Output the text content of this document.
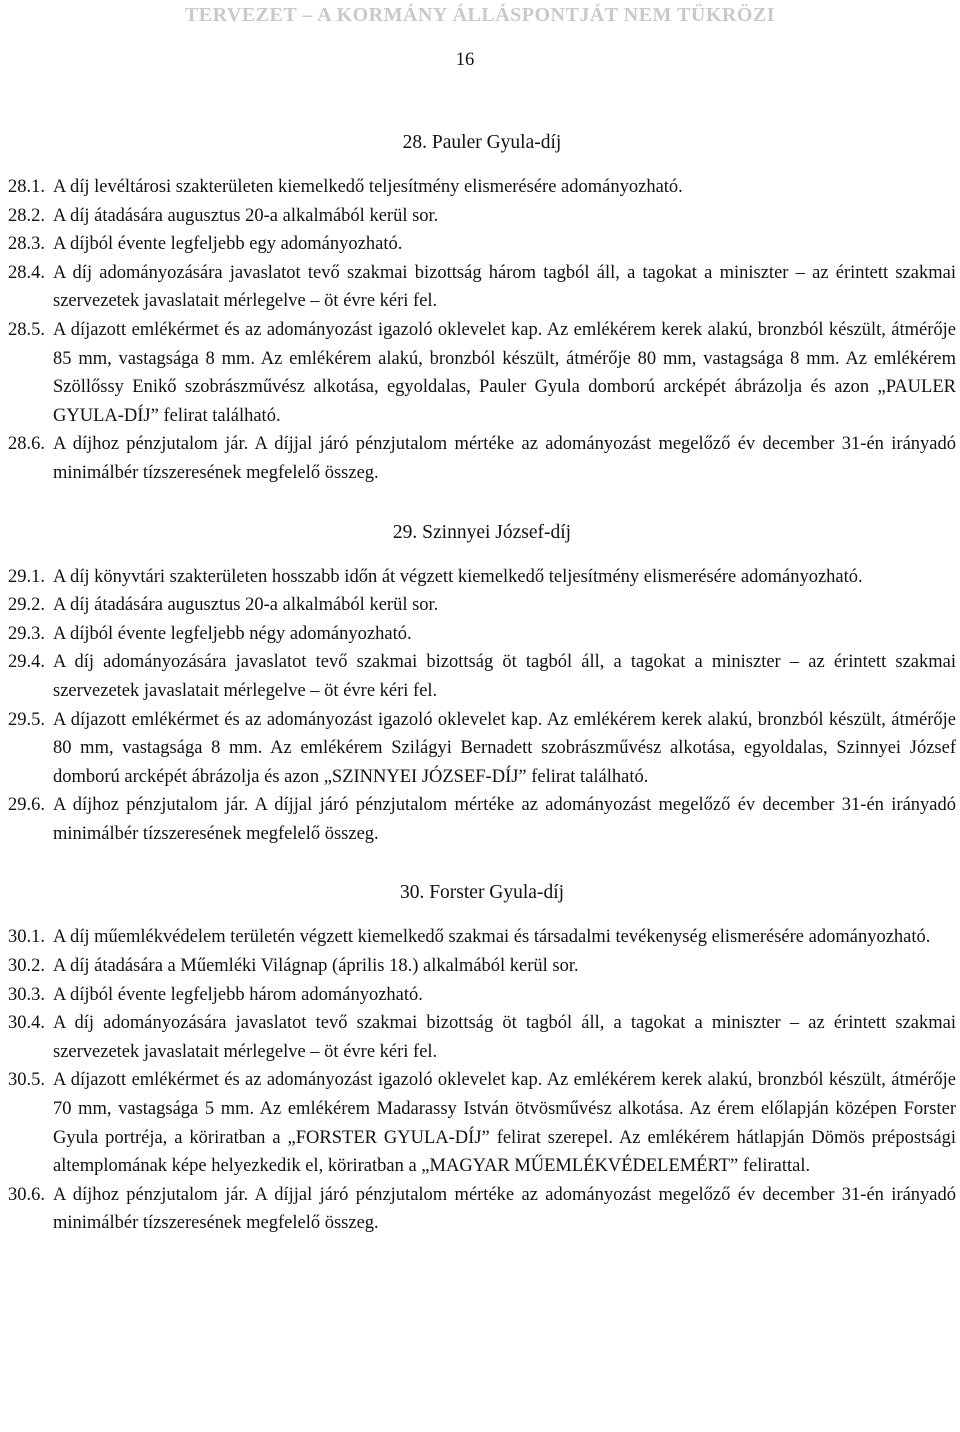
TERVEZET – A KORMÁNY ÁLLÁSPONTJÁT NEM TÜKRÖZI
16
28. Pauler Gyula-díj
28.1. A díj levéltárosi szakterületen kiemelkedő teljesítmény elismerésére adományozható.
28.2. A díj átadására augusztus 20-a alkalmából kerül sor.
28.3. A díjból évente legfeljebb egy adományozható.
28.4. A díj adományozására javaslatot tevő szakmai bizottság három tagból áll, a tagokat a miniszter – az érintett szakmai szervezetek javaslatait mérlegelve – öt évre kéri fel.
28.5. A díjazott emlékérmet és az adományozást igazoló oklevelet kap. Az emlékérem kerek alakú, bronzból készült, átmérője 85 mm, vastagsága 8 mm. Az emlékérem alakú, bronzból készült, átmérője 80 mm, vastagsága 8 mm. Az emlékérem Szöllőssy Enikő szobrászművész alkotása, egyoldalas, Pauler Gyula domború arcképét ábrázolja és azon „PAULER GYULA-DÍJ” felirat található.
28.6. A díjhoz pénzjutalom jár. A díjjal járó pénzjutalom mértéke az adományozást megelőző év december 31-én irányadó minimálbér tízszeresének megfelelő összeg.
29. Szinnyei József-díj
29.1. A díj könyvtári szakterületen hosszabb időn át végzett kiemelkedő teljesítmény elismerésére adományozható.
29.2. A díj átadására augusztus 20-a alkalmából kerül sor.
29.3. A díjból évente legfeljebb négy adományozható.
29.4. A díj adományozására javaslatot tevő szakmai bizottság öt tagból áll, a tagokat a miniszter – az érintett szakmai szervezetek javaslatait mérlegelve – öt évre kéri fel.
29.5. A díjazott emlékérmet és az adományozást igazoló oklevelet kap. Az emlékérem kerek alakú, bronzból készült, átmérője 80 mm, vastagsága 8 mm. Az emlékérem Szilágyi Bernadett szobrászművész alkotása, egyoldalas, Szinnyei József domború arcképét ábrázolja és azon „SZINNYEI JÓZSEF-DÍJ” felirat található.
29.6. A díjhoz pénzjutalom jár. A díjjal járó pénzjutalom mértéke az adományozást megelőző év december 31-én irányadó minimálbér tízszeresének megfelelő összeg.
30. Forster Gyula-díj
30.1. A díj műemlékvédelem területén végzett kiemelkedő szakmai és társadalmi tevékenység elismerésére adományozható.
30.2. A díj átadására a Műemléki Világnap (április 18.) alkalmából kerül sor.
30.3. A díjból évente legfeljebb három adományozható.
30.4. A díj adományozására javaslatot tevő szakmai bizottság öt tagból áll, a tagokat a miniszter – az érintett szakmai szervezetek javaslatait mérlegelve – öt évre kéri fel.
30.5. A díjazott emlékérmet és az adományozást igazoló oklevelet kap. Az emlékérem kerek alakú, bronzból készült, átmérője 70 mm, vastagsága 5 mm. Az emlékérem Madarassy István ötvösművész alkotása. Az érem előlapján középen Forster Gyula portréja, a köriratban a „FORSTER GYULA-DÍJ” felirat szerepel. Az emlékérem hátlapján Dömös prépostsági altemplomának képe helyezkedik el, köriratban a „MAGYAR MŰEMLÉKVÉDELEMÉRT” felirattal.
30.6. A díjhoz pénzjutalom jár. A díjjal járó pénzjutalom mértéke az adományozást megelőző év december 31-én irányadó minimálbér tízszeresének megfelelő összeg.
